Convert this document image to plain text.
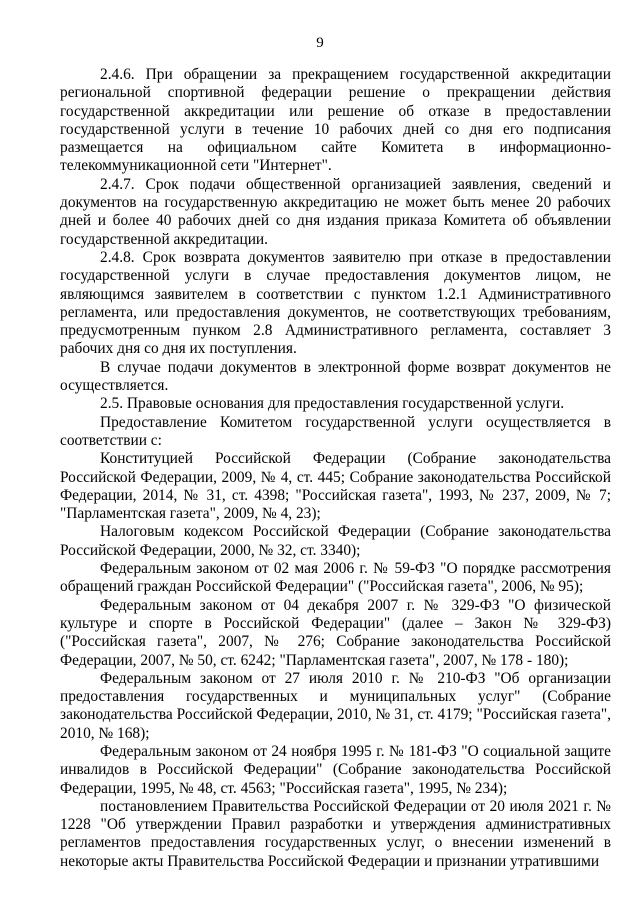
9

2.4.6. При обращении за прекращением государственной аккредитации региональной спортивной федерации решение о прекращении действия государственной аккредитации или решение об отказе в предоставлении государственной услуги в течение 10 рабочих дней со дня его подписания размещается на официальном сайте Комитета в информационно-телекоммуникационной сети "Интернет".

2.4.7. Срок подачи общественной организацией заявления, сведений и документов на государственную аккредитацию не может быть менее 20 рабочих дней и более 40 рабочих дней со дня издания приказа Комитета об объявлении государственной аккредитации.

2.4.8. Срок возврата документов заявителю при отказе в предоставлении государственной услуги в случае предоставления документов лицом, не являющимся заявителем в соответствии с пунктом 1.2.1 Административного регламента, или предоставления документов, не соответствующих требованиям, предусмотренным пунком 2.8 Административного регламента, составляет 3 рабочих дня со дня их поступления.

В случае подачи документов в электронной форме возврат документов не осуществляется.

2.5. Правовые основания для предоставления государственной услуги.

Предоставление Комитетом государственной услуги осуществляется в соответствии с:

Конституцией Российской Федерации (Собрание законодательства Российской Федерации, 2009, № 4, ст. 445; Собрание законодательства Российской Федерации, 2014, № 31, ст. 4398; "Российская газета", 1993, № 237, 2009, № 7; "Парламентская газета", 2009, № 4, 23);

Налоговым кодексом Российской Федерации (Собрание законодательства Российской Федерации, 2000, № 32, ст. 3340);

Федеральным законом от 02 мая 2006 г. № 59-ФЗ "О порядке рассмотрения обращений граждан Российской Федерации" ("Российская газета", 2006, № 95);

Федеральным законом от 04 декабря 2007 г. № 329-ФЗ "О физической культуре и спорте в Российской Федерации" (далее – Закон № 329-ФЗ) ("Российская газета", 2007, № 276; Собрание законодательства Российской Федерации, 2007, № 50, ст. 6242; "Парламентская газета", 2007, № 178 - 180);

Федеральным законом от 27 июля 2010 г. № 210-ФЗ "Об организации предоставления государственных и муниципальных услуг" (Собрание законодательства Российской Федерации, 2010, № 31, ст. 4179; "Российская газета", 2010, № 168);

Федеральным законом от 24 ноября 1995 г. № 181-ФЗ "О социальной защите инвалидов в Российской Федерации" (Собрание законодательства Российской Федерации, 1995, № 48, ст. 4563; "Российская газета", 1995, № 234);

постановлением Правительства Российской Федерации от 20 июля 2021 г. № 1228 "Об утверждении Правил разработки и утверждения административных регламентов предоставления государственных услуг, о внесении изменений в некоторые акты Правительства Российской Федерации и признании утратившими
